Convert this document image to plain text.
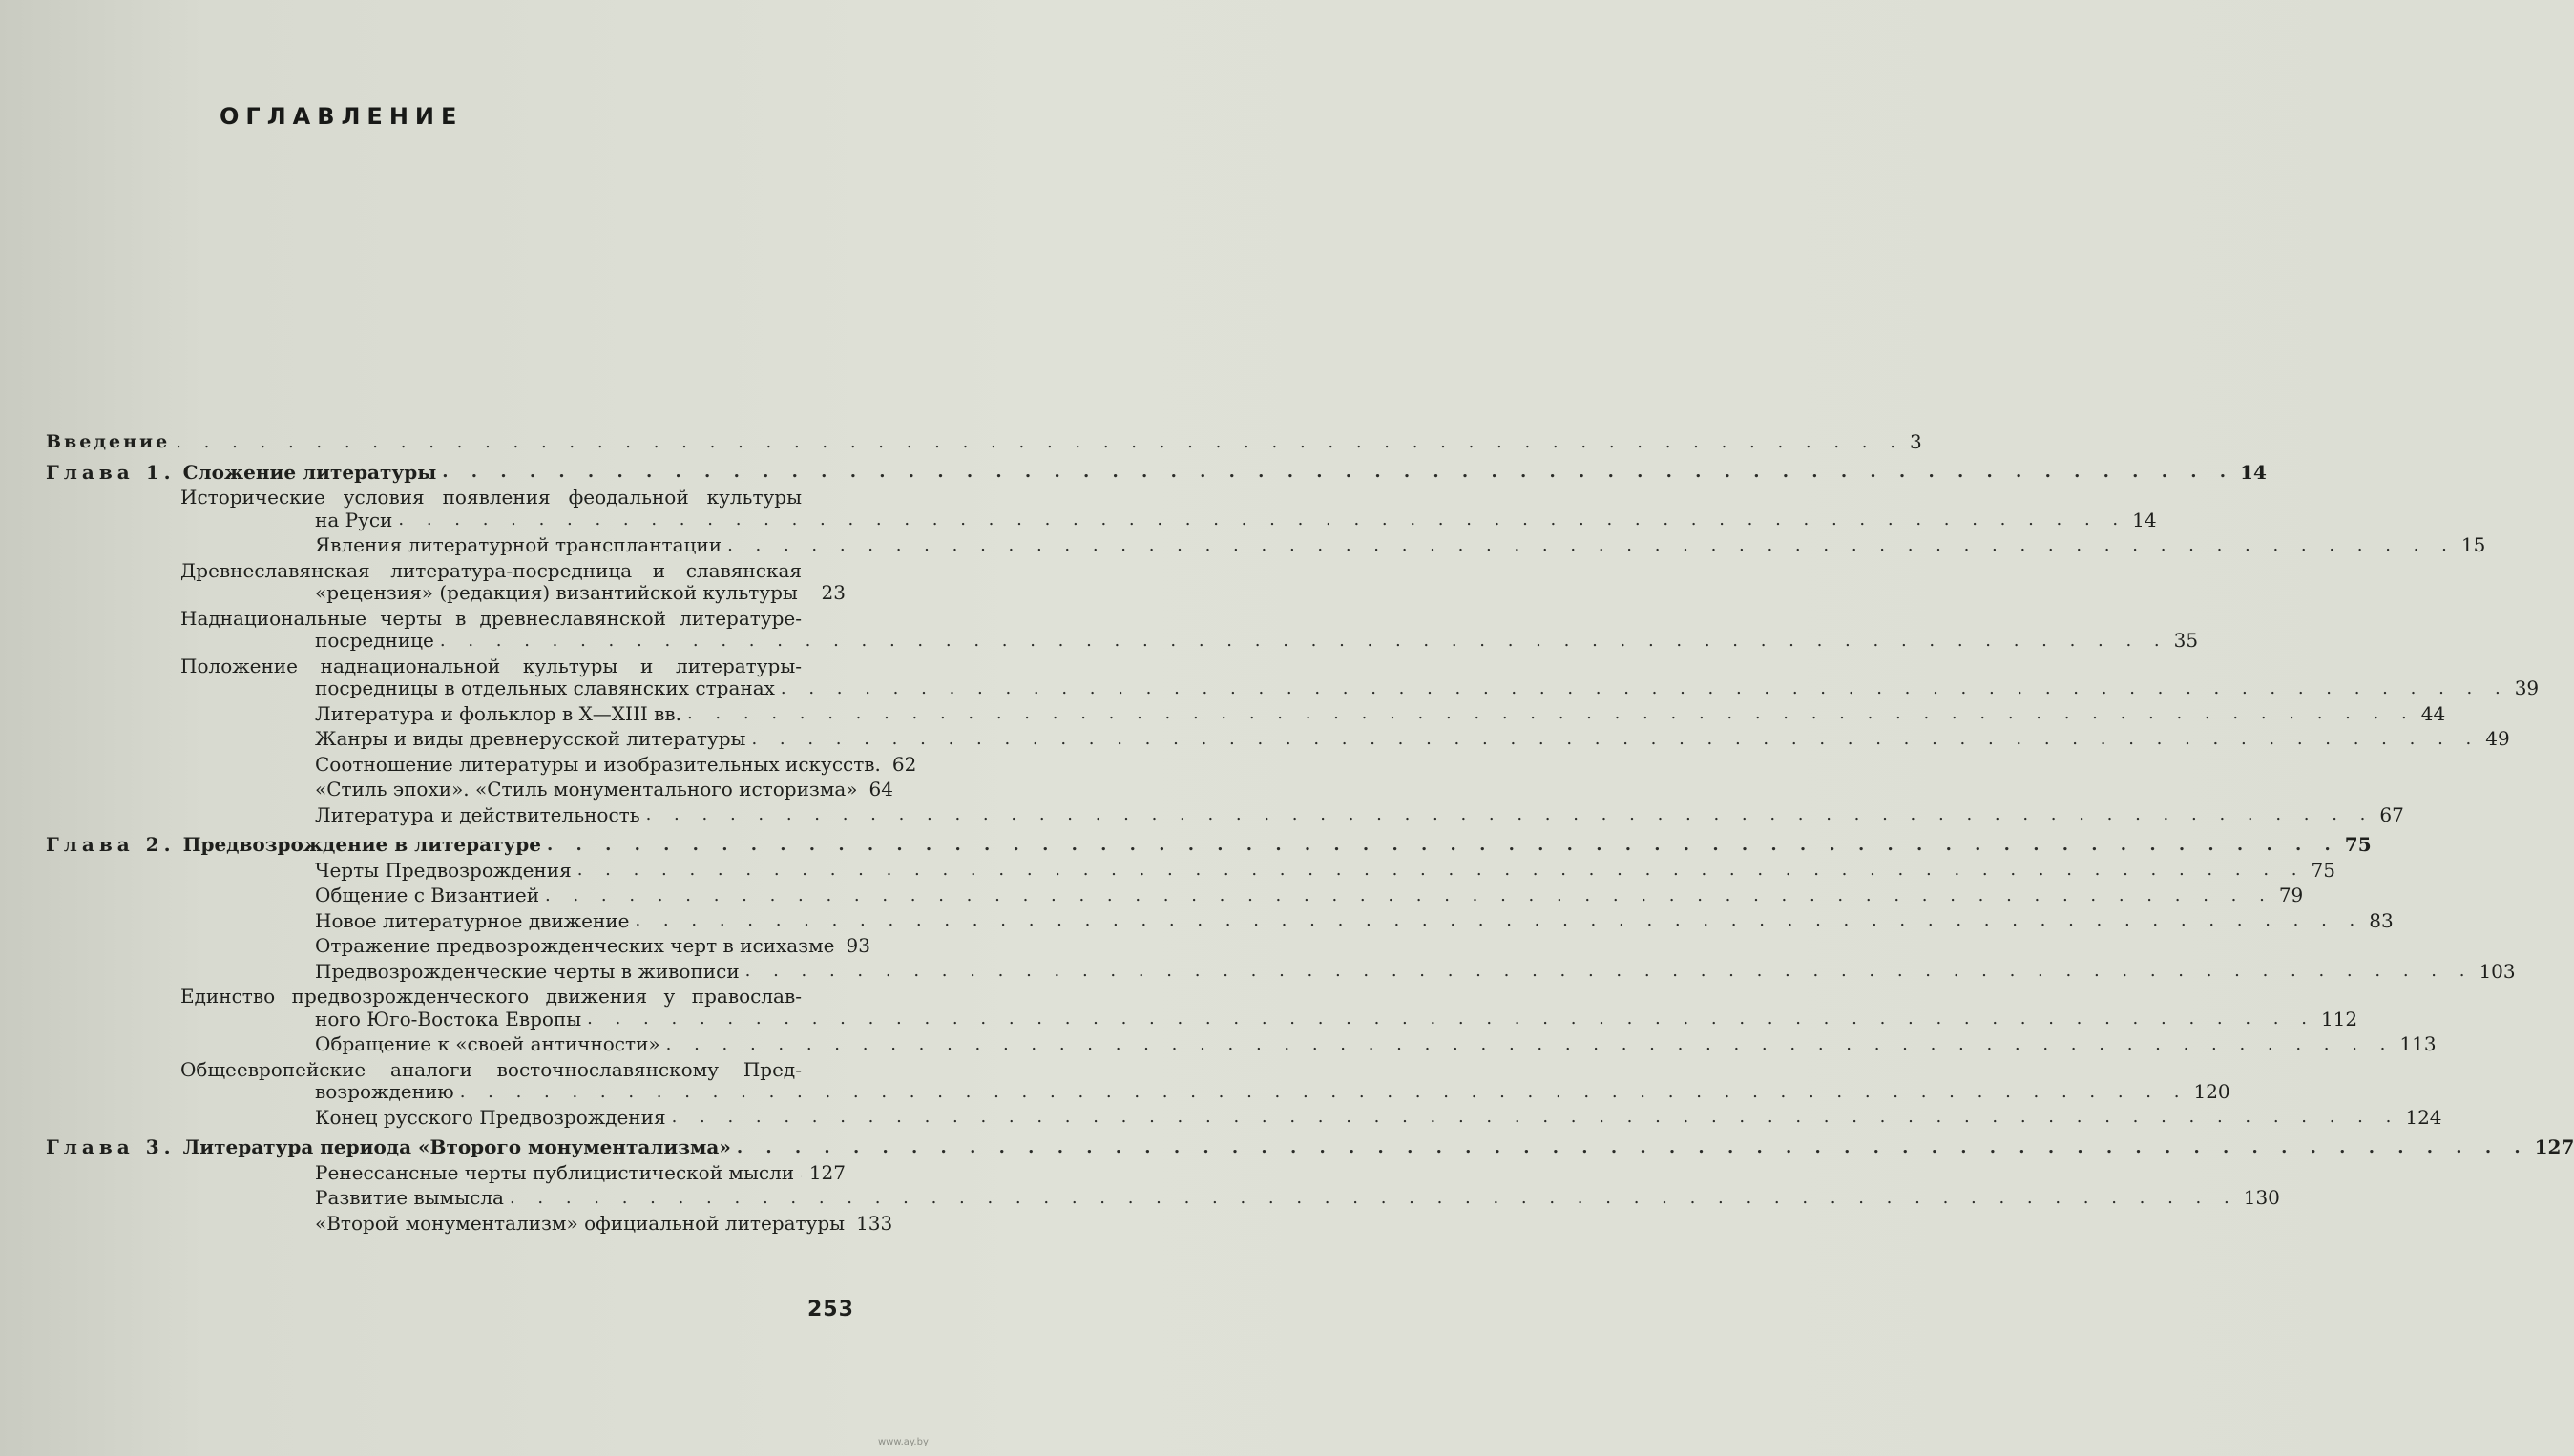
ОГЛАВЛЕНИЕ
Введение . . . . . . . . . . . . . . . . . . . . . . . . . . . . . . . . . . . . . . . . . . . . . . . . . . . . . . . . . . . . . . 3
Глава 1. Сложение литературы . . . . . . . . . . . . . . . . . . . . . . . . . . . . . . . . . . . . . . . . . . . . . . . . . . . . . . . . . . . . . . 14
Исторические условия появления феодальной культуры
на Руси . . . . . . . . . . . . . . . . . . . . . . . . . . . . . . . . . . . . . . . . . . . . . . . . . . . . . . . . . . . . . . 14
Явления литературной трансплантации . . . . . . . . . . . . . . . . . . . . . . . . . . . . . . . . . . . . . . . . . . . . . . . . . . . . . . . . . . . . . . 15
Древнеславянская литература-посредница и славянская
«рецензия» (редакция) византийской культуры	23
Наднациональные черты в древнеславянской литературе-
посреднице . . . . . . . . . . . . . . . . . . . . . . . . . . . . . . . . . . . . . . . . . . . . . . . . . . . . . . . . . . . . . . 35
Положение наднациональной культуры и литературы-
посредницы в отдельных славянских странах . . . . . . . . . . . . . . . . . . . . . . . . . . . . . . . . . . . . . . . . . . . . . . . . . . . . . . . . . . . . . . 39
Литература и фольклор в X—XIII вв. . . . . . . . . . . . . . . . . . . . . . . . . . . . . . . . . . . . . . . . . . . . . . . . . . . . . . . . . . . . . . . 44
Жанры и виды древнерусской литературы . . . . . . . . . . . . . . . . . . . . . . . . . . . . . . . . . . . . . . . . . . . . . . . . . . . . . . . . . . . . . . 49
Соотношение литературы и изобразительных искусств. 62
«Стиль эпохи». «Стиль монументального историзма» 64
Литература и действительность . . . . . . . . . . . . . . . . . . . . . . . . . . . . . . . . . . . . . . . . . . . . . . . . . . . . . . . . . . . . . . 67
Глава 2. Предвозрождение в литературе . . . . . . . . . . . . . . . . . . . . . . . . . . . . . . . . . . . . . . . . . . . . . . . . . . . . . . . . . . . . . . 75
Черты Предвозрождения . . . . . . . . . . . . . . . . . . . . . . . . . . . . . . . . . . . . . . . . . . . . . . . . . . . . . . . . . . . . . . 75
Общение с Византией . . . . . . . . . . . . . . . . . . . . . . . . . . . . . . . . . . . . . . . . . . . . . . . . . . . . . . . . . . . . . . 79
Новое литературное движение . . . . . . . . . . . . . . . . . . . . . . . . . . . . . . . . . . . . . . . . . . . . . . . . . . . . . . . . . . . . . . 83
Отражение предвозрожденческих черт в исихазме 93
Предвозрожденческие черты в живописи . . . . . . . . . . . . . . . . . . . . . . . . . . . . . . . . . . . . . . . . . . . . . . . . . . . . . . . . . . . . . . 103
Единство предвозрожденческого движения у православ-
ного Юго-Востока Европы . . . . . . . . . . . . . . . . . . . . . . . . . . . . . . . . . . . . . . . . . . . . . . . . . . . . . . . . . . . . . . 112
Обращение к «своей античности» . . . . . . . . . . . . . . . . . . . . . . . . . . . . . . . . . . . . . . . . . . . . . . . . . . . . . . . . . . . . . . 113
Общеевропейские аналоги восточнославянскому Пред-
возрождению . . . . . . . . . . . . . . . . . . . . . . . . . . . . . . . . . . . . . . . . . . . . . . . . . . . . . . . . . . . . . . 120
Конец русского Предвозрождения . . . . . . . . . . . . . . . . . . . . . . . . . . . . . . . . . . . . . . . . . . . . . . . . . . . . . . . . . . . . . . 124
Глава 3. Литература периода «Второго монументализма» . . . . . . . . . . . . . . . . . . . . . . . . . . . . . . . . . . . . . . . . . . . . . . . . . . . . . . . . . . . . . . 127
Ренессансные черты публицистической мысли 127
Развитие вымысла . . . . . . . . . . . . . . . . . . . . . . . . . . . . . . . . . . . . . . . . . . . . . . . . . . . . . . . . . . . . . . 130
«Второй монументализм» официальной литературы 133
253
www.ay.by
